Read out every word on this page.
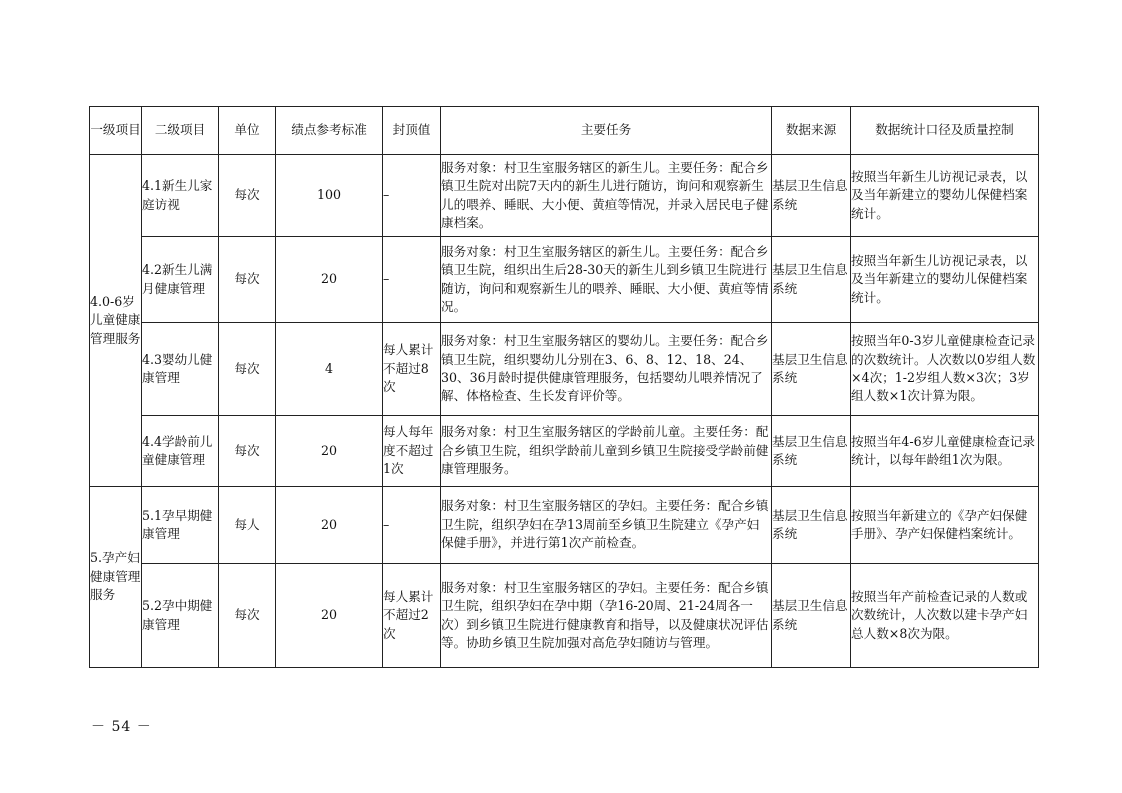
一级项目	二级项目	单位	绩点参考标准	封顶值	主要任务	数据来源	数据统计口径及质量控制
4.0-6岁儿童健康管理服务	4.1新生儿家庭访视	每次	100	–	服务对象：村卫生室服务辖区的新生儿。主要任务：配合乡镇卫生院对出院7天内的新生儿进行随访，询问和观察新生儿的喂养、睡眠、大小便、黄疸等情况，并录入居民电子健康档案。	基层卫生信息系统	按照当年新生儿访视记录表，以及当年新建立的婴幼儿保健档案统计。
	4.2新生儿满月健康管理	每次	20	–	服务对象：村卫生室服务辖区的新生儿。主要任务：配合乡镇卫生院，组织出生后28-30天的新生儿到乡镇卫生院进行随访，询问和观察新生儿的喂养、睡眠、大小便、黄疸等情况。	基层卫生信息系统	按照当年新生儿访视记录表，以及当年新建立的婴幼儿保健档案统计。
	4.3婴幼儿健康管理	每次	4	每人累计不超过8次	服务对象：村卫生室服务辖区的婴幼儿。主要任务：配合乡镇卫生院，组织婴幼儿分别在3、6、8、12、18、24、30、36月龄时提供健康管理服务，包括婴幼儿喂养情况了解、体格检查、生长发育评价等。	基层卫生信息系统	按照当年0-3岁儿童健康检查记录的次数统计。人次数以0岁组人数×4次；1-2岁组人数×3次；3岁组人数×1次计算为限。
	4.4学龄前儿童健康管理	每次	20	每人每年度不超过1次	服务对象：村卫生室服务辖区的学龄前儿童。主要任务：配合乡镇卫生院，组织学龄前儿童到乡镇卫生院接受学龄前健康管理服务。	基层卫生信息系统	按照当年4-6岁儿童健康检查记录统计，以每年龄组1次为限。
5.孕产妇健康管理服务	5.1孕早期健康管理	每人	20	–	服务对象：村卫生室服务辖区的孕妇。主要任务：配合乡镇卫生院，组织孕妇在孕13周前至乡镇卫生院建立《孕产妇保健手册》，并进行第1次产前检查。	基层卫生信息系统	按照当年新建立的《孕产妇保健手册》、孕产妇保健档案统计。
	5.2孕中期健康管理	每次	20	每人累计不超过2次	服务对象：村卫生室服务辖区的孕妇。主要任务：配合乡镇卫生院，组织孕妇在孕中期（孕16-20周、21-24周各一次）到乡镇卫生院进行健康教育和指导，以及健康状况评估等。协助乡镇卫生院加强对高危孕妇随访与管理。	基层卫生信息系统	按照当年产前检查记录的人数或次数统计，人次数以建卡孕产妇总人数×8次为限。
－ 54 －
